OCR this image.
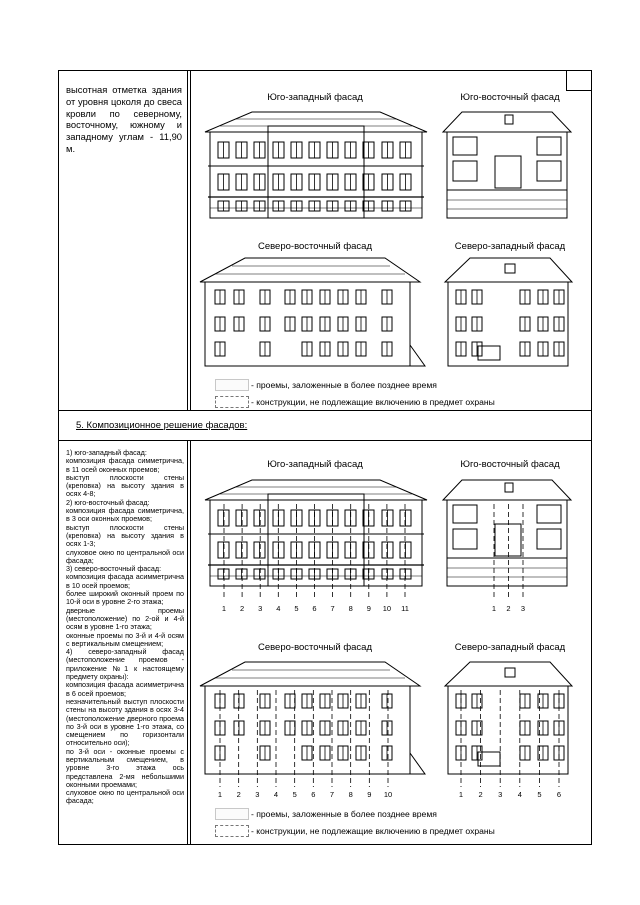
высотная отметка здания от уровня цоколя до свеса кровли по северному, восточному, южному и западному углам - 11,90 м.
Юго-западный фасад	Юго-восточный фасад
Северо-восточный фасад	Северо-западный фасад
- проемы, заложенные в более позднее время
- конструкции, не подлежащие включению в предмет охраны
5. Композиционное решение фасадов:
1) юго-западный фасад:
композиция фасада симметрична, в 11 осей оконных проемов;
выступ плоскости стены (креповка) на высоту здания в осях 4-8;
2) юго-восточный фасад:
композиция фасада симметрична, в 3 оси оконных проемов;
выступ плоскости стены (креповка) на высоту здания в осях 1-3;
слуховое окно по центральной оси фасада;
3) северо-восточный фасад:
композиция фасада асимметрична в 10 осей проемов;
более широкий оконный проем по 10-й оси в уровне 2-го этажа;
дверные проемы (местоположение) по 2-ой и 4-й осям в уровне 1-го этажа;
оконные проемы по 3-й и 4-й осям с вертикальным смещением;
4) северо-западный фасад (местоположение проемов - приложение №1 к настоящему предмету охраны):
композиция фасада асимметрична в 6 осей проемов;
незначительный выступ плоскости стены на высоту здания в осях 3-4 (местоположение дверного проема по 3-й оси в уровне 1-го этажа, со смещением по горизонтали относительно оси);
по 3-й оси - оконные проемы с вертикальным смещением, в уровне 3-го этажа ось представлена 2-мя небольшими оконными проемами;
слуховое окно по центральной оси фасада;
Юго-западный фасад	Юго-восточный фасад
Северо-восточный фасад	Северо-западный фасад
1 2 3 4 5 6 7 8 9 10 11	1 2 3
1 2 3 4 5 6 7 8 9 10	1 2 3 4 5 6
- проемы, заложенные в более позднее время
- конструкции, не подлежащие включению в предмет охраны
